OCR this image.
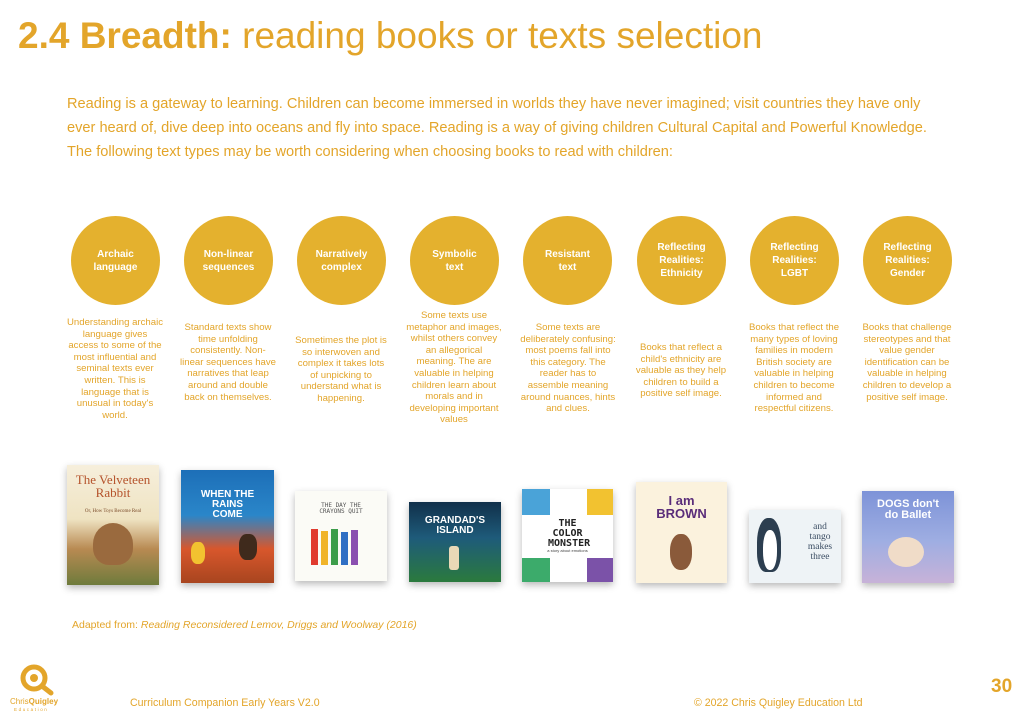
2.4 Breadth: reading books or texts selection

Reading is a gateway to learning. Children can become immersed in worlds they have never imagined; visit countries they have only ever heard of, dive deep into oceans and fly into space. Reading is a way of giving children Cultural Capital and Powerful Knowledge. The following text types may be worth considering when choosing books to read with children:

Archaic language
Non-linear sequences
Narratively complex
Symbolic text
Resistant text
Reflecting Realities: Ethnicity
Reflecting Realities: LGBT
Reflecting Realities: Gender
Understanding archaic language gives access to some of the most influential and seminal texts ever written. This is language that is unusual in today's world.
Standard texts show time unfolding consistently. Non-linear sequences have narratives that leap around and double back on themselves.
Sometimes the plot is so interwoven and complex it takes lots of unpicking to understand what is happening.
Some texts use metaphor and images, whilst others convey an allegorical meaning. The are valuable in helping children learn about morals and in developing important values
Some texts are deliberately confusing: most poems fall into this category. The reader has to assemble meaning around nuances, hints and clues.
Books that reflect a child's ethnicity are valuable as they help children to build a positive self image.
Books that reflect the many types of loving families in modern British society are valuable in helping children to become informed and respectful citizens.
Books that challenge stereotypes and that value gender identification can be valuable in helping children to develop a positive self image.
The Velveteen Rabbit
Or, How Toys Become Real
WHEN THE RAINS COME
THE DAY THE CRAYONS QUIT
GRANDAD'S ISLAND
THE COLOR MONSTER
a story about emotions
I am BROWN
and tango makes three
DOGS don't do Ballet

Adapted from: Reading Reconsidered Lemov, Driggs and Woolway (2016)

ChrisQuigley
Education
Curriculum Companion Early Years V2.0	© 2022 Chris Quigley Education Ltd
30
